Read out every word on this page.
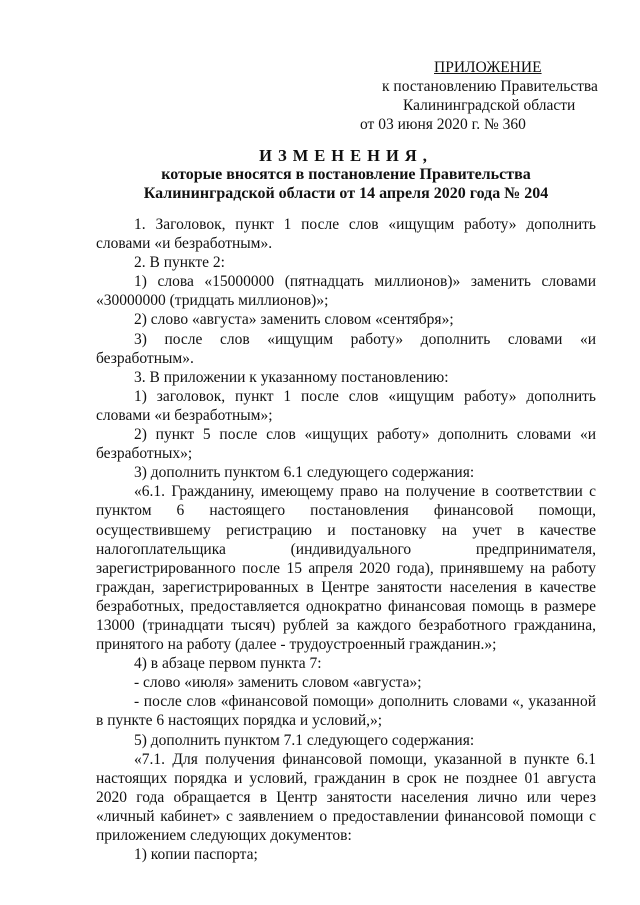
ПРИЛОЖЕНИЕ
к постановлению Правительства
Калининградской области
от 03 июня 2020 г. № 360
ИЗМЕНЕНИЯ,
которые вносятся в постановление Правительства Калининградской области от 14 апреля 2020 года № 204

1. Заголовок, пункт 1 после слов «ищущим работу» дополнить словами «и безработным».

2. В пункте 2:

1) слова «15000000 (пятнадцать миллионов)» заменить словами «30000000 (тридцать миллионов)»;

2) слово «августа» заменить словом «сентября»;

3) после слов «ищущим работу» дополнить словами «и безработным».

3. В приложении к указанному постановлению:

1) заголовок, пункт 1 после слов «ищущим работу» дополнить словами «и безработным»;

2) пункт 5 после слов «ищущих работу» дополнить словами «и безработных»;

3) дополнить пунктом 6.1 следующего содержания:

«6.1. Гражданину, имеющему право на получение в соответствии с пунктом 6 настоящего постановления финансовой помощи, осуществившему регистрацию и постановку на учет в качестве налогоплательщика (индивидуального предпринимателя, зарегистрированного после 15 апреля 2020 года), принявшему на работу граждан, зарегистрированных в Центре занятости населения в качестве безработных, предоставляется однократно финансовая помощь в размере 13000 (тринадцати тысяч) рублей за каждого безработного гражданина, принятого на работу (далее - трудоустроенный гражданин.»;

4) в абзаце первом пункта 7:

- слово «июля» заменить словом «августа»;

- после слов «финансовой помощи» дополнить словами «, указанной в пункте 6 настоящих порядка и условий,»;

5) дополнить пунктом 7.1 следующего содержания:

«7.1. Для получения финансовой помощи, указанной в пункте 6.1 настоящих порядка и условий, гражданин в срок не позднее 01 августа 2020 года обращается в Центр занятости населения лично или через «личный кабинет» с заявлением о предоставлении финансовой помощи с приложением следующих документов:

1) копии паспорта;
